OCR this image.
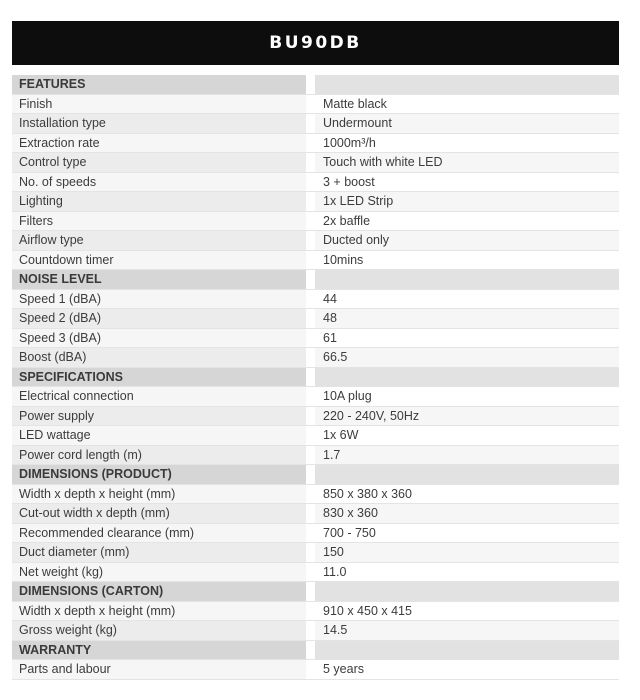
BU90DB
FEATURES
Finish	Matte black
Installation type	Undermount
Extraction rate	1000m³/h
Control type	Touch with white LED
No. of speeds	3 + boost
Lighting	1x LED Strip
Filters	2x baffle
Airflow type	Ducted only
Countdown timer	10mins
NOISE LEVEL
Speed 1 (dBA)	44
Speed 2 (dBA)	48
Speed 3 (dBA)	61
Boost (dBA)	66.5
SPECIFICATIONS
Electrical connection	10A plug
Power supply	220 - 240V, 50Hz
LED wattage	1x 6W
Power cord length (m)	1.7
DIMENSIONS (PRODUCT)
Width x depth x height (mm)	850 x 380 x 360
Cut-out width x depth (mm)	830 x 360
Recommended clearance (mm)	700 - 750
Duct diameter (mm)	150
Net weight (kg)	11.0
DIMENSIONS (CARTON)
Width x depth x height (mm)	910 x 450 x 415
Gross weight (kg)	14.5
WARRANTY
Parts and labour	5 years
